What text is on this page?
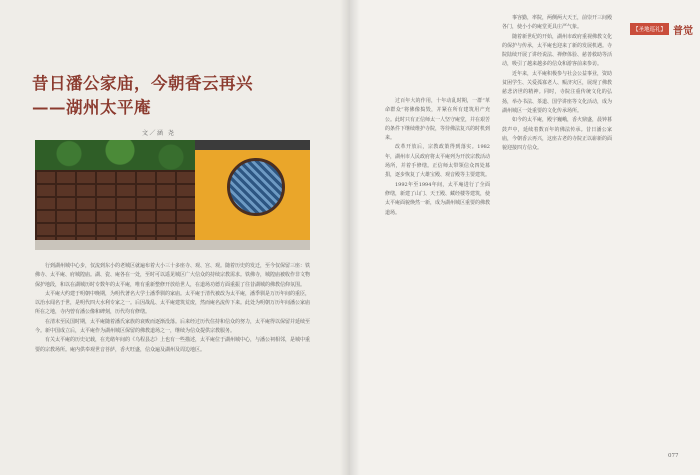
昔日潘公家庙，今朝香云再兴
——湖州太平庵
文／涵 尧

行到湖州城中心步，仅流到东小的老城区就遍布着大小三十多座寺、观、宫、观。随着历史的发迁，至今仅保留三座：铁佛寺、太平庵、府城隍庙。湖、瓷、庵各在一处，至时可以遥见城区广大信众的持续宗教需求。铁佛寺，城隍庙被收作非文物保护地段，和以在湖城历时专数年的太平庵，唯有重新整修开放给世人，在道场功德方面重振了往昔湖城的佛教信仰氛围。

太平庵大约建于明朝中晚期，为明代著名大学士潘季驯的家庙。太平庵于清代被改为太平庵，潘季驯是万历年间的重臣，以治水闻名于世，是明代四大水利专家之一。后因战乱、太平庵建筑荒废，然而庵名流传下来。此处为明朝万历年间潘公家庙所在之地，寺内曾有潘公像和碑刻，历代均有修缮。

在清末至民国时期，太平庵随着潘氏家族的衰败而逐渐没落。后来经过历代住持和信众的努力，太平庵得以保留并延续至今。新中国成立后，太平庵作为湖州城区保留的佛教道场之一，继续为信众提供宗教服务。

有关太平庵的历史记载，在光绪年间的《乌程县志》上也有一些描述，太平庵位于湖州城中心，与潘公祠相邻，是城中重要的宗教场所。庵内供奉观世音菩萨，香火旺盛，信众遍及湖州及周边地区。

过百年大的作用，十年动乱时期，一群“革命群众”将佛像捣毁，并紧在所有建筑用产充公。此时只有正信师太一人坚守庵堂，并在艰苦的条件下继续维护寺院，等待佛法复兴的时机到来。

改革开放后，宗教政策得到落实。1982年，湖州市人民政府将太平庵列为开放宗教活动场所，并着手修缮。正信师太带领信众四处募捐，逐步恢复了大雄宝殿、观音殿等主要建筑。

1992年至1994年间，太平庵进行了全面修缮，新建了山门、天王殿、藏经楼等建筑，使太平庵面貌焕然一新，成为湖州城区重要的佛教道场。

事容勤，率院，两侧两大天王，前崇开三间殿各门，使小小的庵堂更具庄严气象。

随着新世纪的开始，湖州市政府重视佛教文化的保护与传承，太平庵也迎来了新的发展机遇。寺院陆续开展了讲经说法、禅修体验、慈善救助等活动，吸引了越来越多的信众和游客前来参访。

近年来，太平庵积极参与社会公益事业，资助贫困学生、关爱孤寡老人、赈济灾区，展现了佛教慈悲济世的精神。同时，寺院注重传统文化的弘扬，举办书法、茶道、国学讲座等文化活动，成为湖州城区一处重要的文化传承场所。

如今的太平庵，殿宇巍峨，香火鼎盛，晨钟暮鼓声中，延续着数百年的佛法传承。昔日潘公家庙，今朝香云再兴，这座古老的寺院正以崭新的面貌迎接四方信众。

【圣地巡礼】 普觉
077
